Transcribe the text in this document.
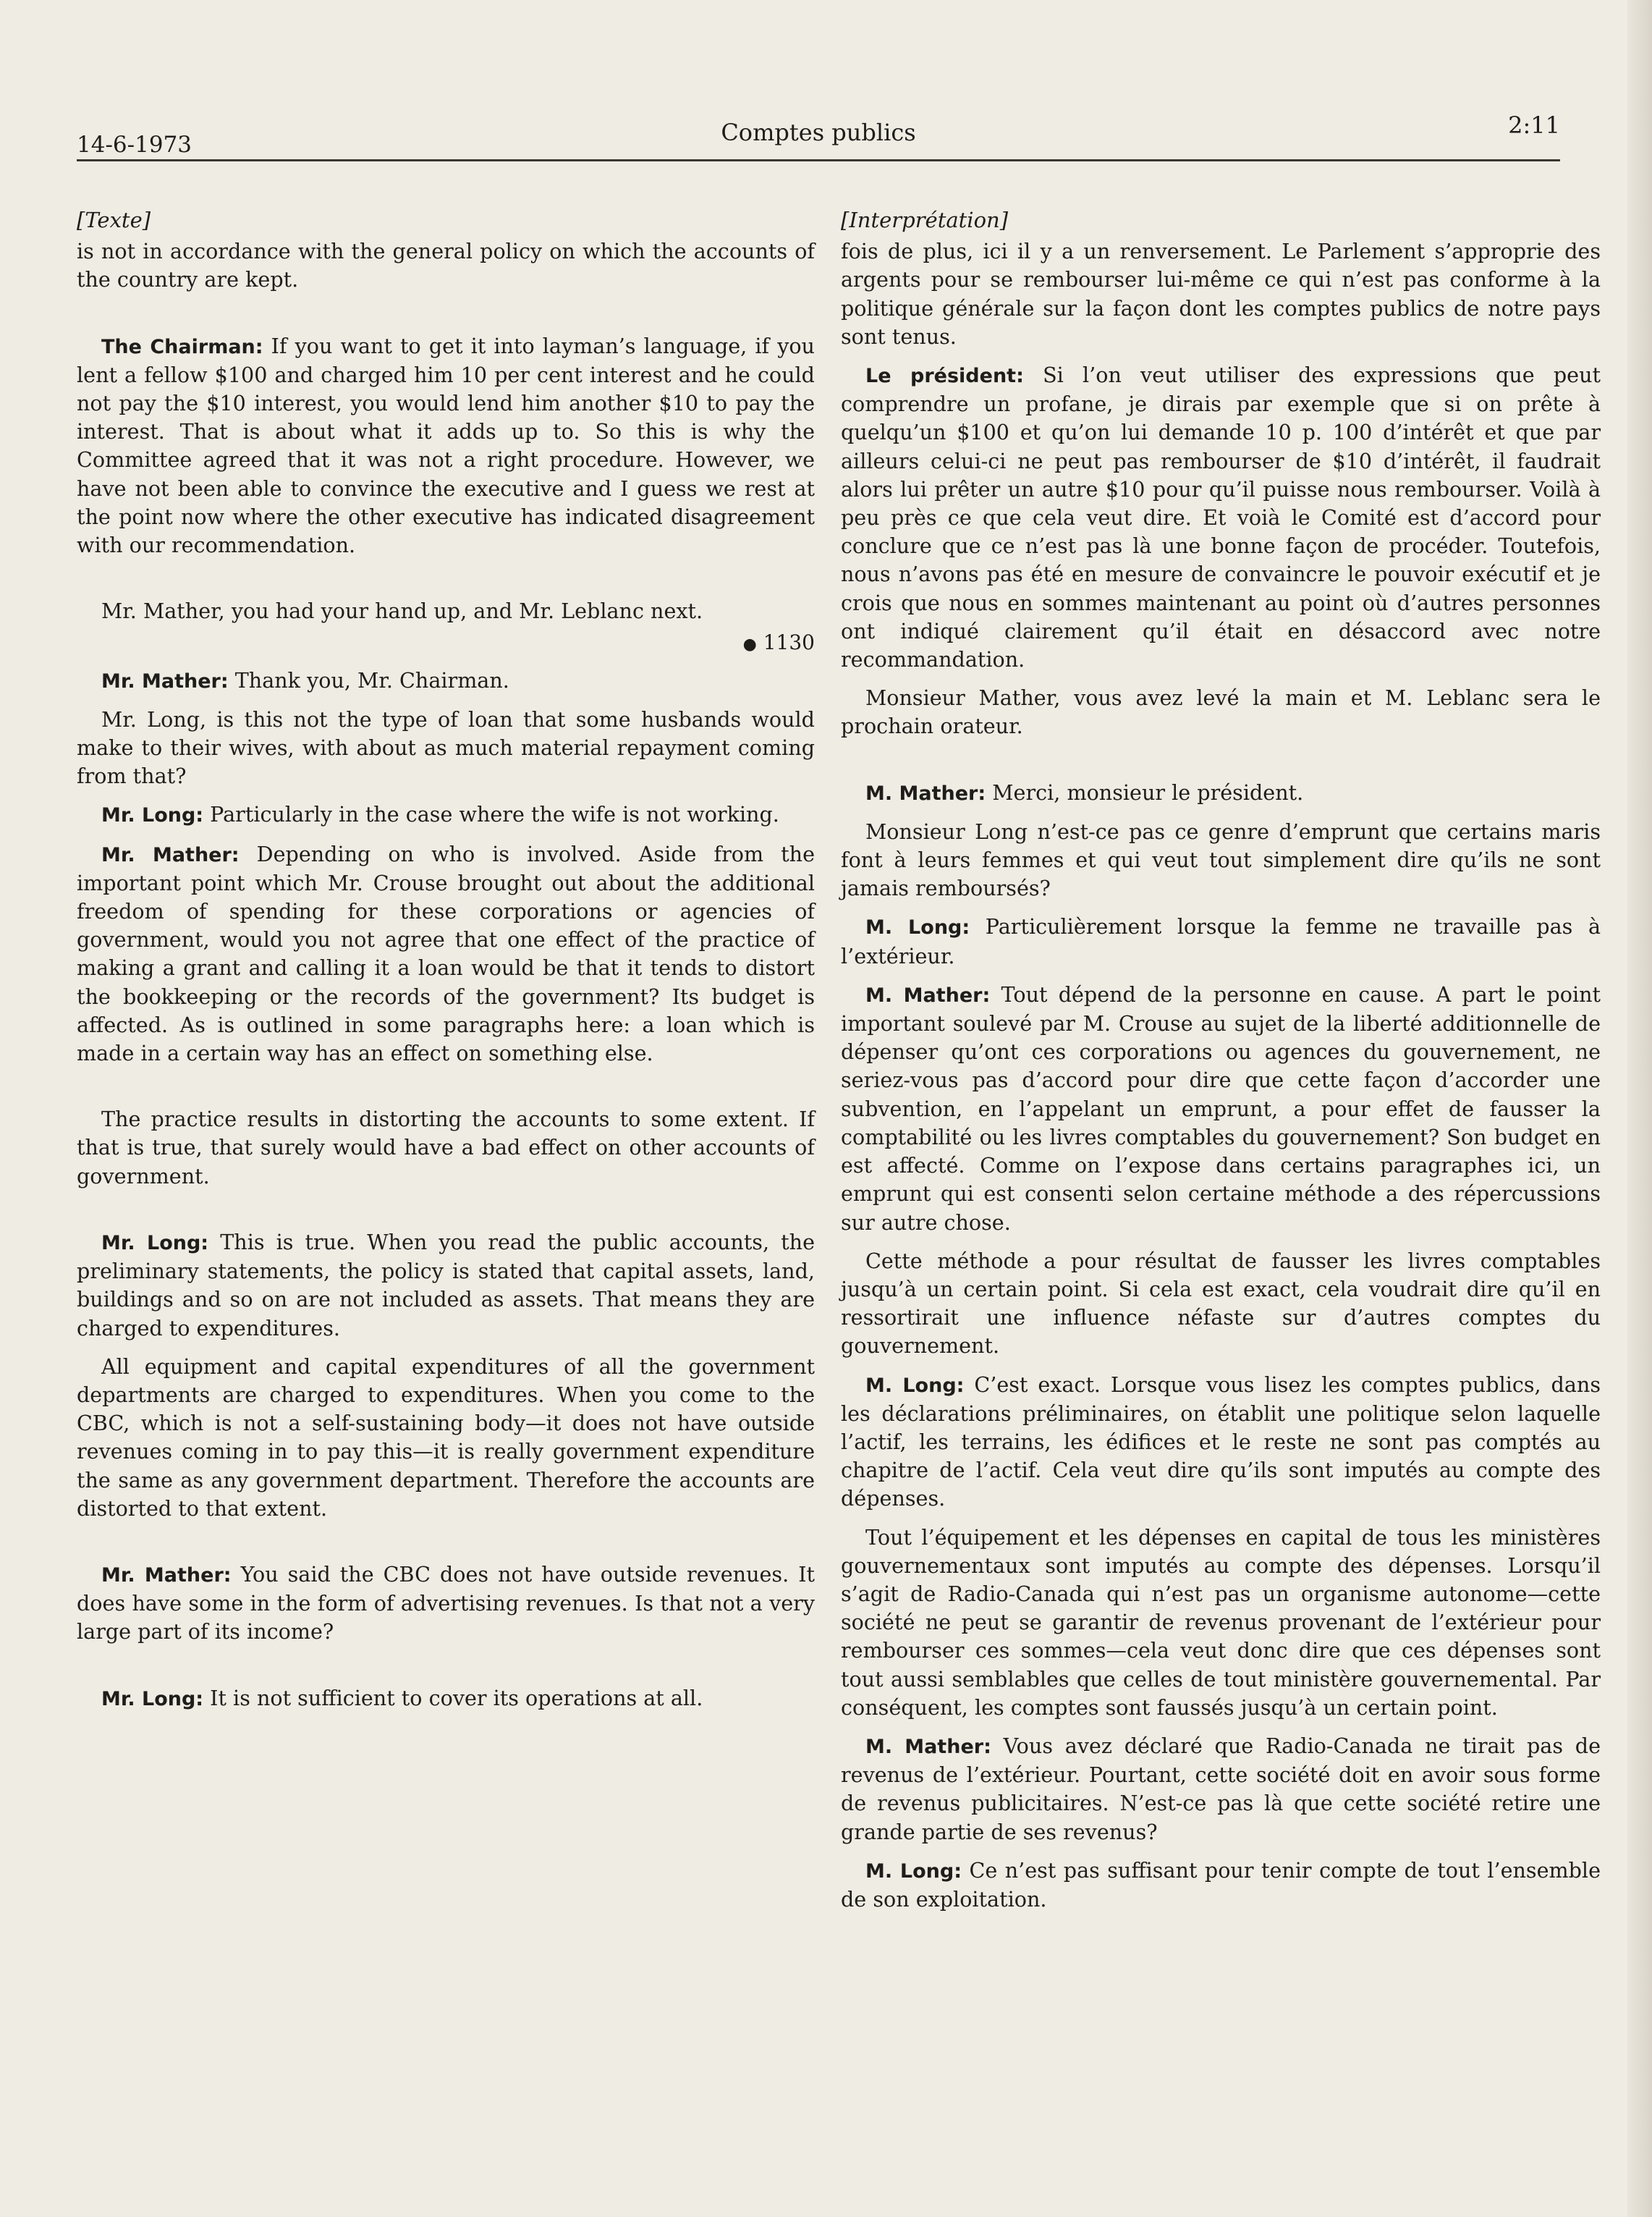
14-6-1973	Comptes publics	2:11
[Texte]

is not in accordance with the general policy on which the accounts of the country are kept.

The Chairman: If you want to get it into layman’s language, if you lent a fellow $100 and charged him 10 per cent interest and he could not pay the $10 interest, you would lend him another $10 to pay the interest. That is about what it adds up to. So this is why the Committee agreed that it was not a right procedure. However, we have not been able to convince the executive and I guess we rest at the point now where the other executive has indicated disagreement with our recommendation.

Mr. Mather, you had your hand up, and Mr. Leblanc next.

● 1130

Mr. Mather: Thank you, Mr. Chairman.

Mr. Long, is this not the type of loan that some husbands would make to their wives, with about as much material repayment coming from that?

Mr. Long: Particularly in the case where the wife is not working.

Mr. Mather: Depending on who is involved. Aside from the important point which Mr. Crouse brought out about the additional freedom of spending for these corporations or agencies of government, would you not agree that one effect of the practice of making a grant and calling it a loan would be that it tends to distort the bookkeeping or the records of the government? Its budget is affected. As is outlined in some paragraphs here: a loan which is made in a certain way has an effect on something else.

The practice results in distorting the accounts to some extent. If that is true, that surely would have a bad effect on other accounts of government.

Mr. Long: This is true. When you read the public accounts, the preliminary statements, the policy is stated that capital assets, land, buildings and so on are not included as assets. That means they are charged to expenditures.

All equipment and capital expenditures of all the government departments are charged to expenditures. When you come to the CBC, which is not a self-sustaining body—it does not have outside revenues coming in to pay this—it is really government expenditure the same as any government department. Therefore the accounts are distorted to that extent.

Mr. Mather: You said the CBC does not have outside revenues. It does have some in the form of advertising revenues. Is that not a very large part of its income?

Mr. Long: It is not sufficient to cover its operations at all.

[Interprétation]

fois de plus, ici il y a un renversement. Le Parlement s’approprie des argents pour se rembourser lui-même ce qui n’est pas conforme à la politique générale sur la façon dont les comptes publics de notre pays sont tenus.

Le président: Si l’on veut utiliser des expressions que peut comprendre un profane, je dirais par exemple que si on prête à quelqu’un $100 et qu’on lui demande 10 p. 100 d’intérêt et que par ailleurs celui-ci ne peut pas rembourser de $10 d’intérêt, il faudrait alors lui prêter un autre $10 pour qu’il puisse nous rembourser. Voilà à peu près ce que cela veut dire. Et voià le Comité est d’accord pour conclure que ce n’est pas là une bonne façon de procéder. Toutefois, nous n’avons pas été en mesure de convaincre le pouvoir exécutif et je crois que nous en sommes maintenant au point où d’autres personnes ont indiqué clairement qu’il était en désaccord avec notre recommandation.

Monsieur Mather, vous avez levé la main et M. Leblanc sera le prochain orateur.

M. Mather: Merci, monsieur le président.

Monsieur Long n’est-ce pas ce genre d’emprunt que certains maris font à leurs femmes et qui veut tout simplement dire qu’ils ne sont jamais remboursés?

M. Long: Particulièrement lorsque la femme ne travaille pas à l’extérieur.

M. Mather: Tout dépend de la personne en cause. A part le point important soulevé par M. Crouse au sujet de la liberté additionnelle de dépenser qu’ont ces corporations ou agences du gouvernement, ne seriez-vous pas d’accord pour dire que cette façon d’accorder une subvention, en l’appelant un emprunt, a pour effet de fausser la comptabilité ou les livres comptables du gouvernement? Son budget en est affecté. Comme on l’expose dans certains paragraphes ici, un emprunt qui est consenti selon certaine méthode a des répercussions sur autre chose.

Cette méthode a pour résultat de fausser les livres comptables jusqu’à un certain point. Si cela est exact, cela voudrait dire qu’il en ressortirait une influence néfaste sur d’autres comptes du gouvernement.

M. Long: C’est exact. Lorsque vous lisez les comptes publics, dans les déclarations préliminaires, on établit une politique selon laquelle l’actif, les terrains, les édifices et le reste ne sont pas comptés au chapitre de l’actif. Cela veut dire qu’ils sont imputés au compte des dépenses.

Tout l’équipement et les dépenses en capital de tous les ministères gouvernementaux sont imputés au compte des dépenses. Lorsqu’il s’agit de Radio-Canada qui n’est pas un organisme autonome—cette société ne peut se garantir de revenus provenant de l’extérieur pour rembourser ces sommes—cela veut donc dire que ces dépenses sont tout aussi semblables que celles de tout ministère gouvernemental. Par conséquent, les comptes sont faussés jusqu’à un certain point.

M. Mather: Vous avez déclaré que Radio-Canada ne tirait pas de revenus de l’extérieur. Pourtant, cette société doit en avoir sous forme de revenus publicitaires. N’est-ce pas là que cette société retire une grande partie de ses revenus?

M. Long: Ce n’est pas suffisant pour tenir compte de tout l’ensemble de son exploitation.
